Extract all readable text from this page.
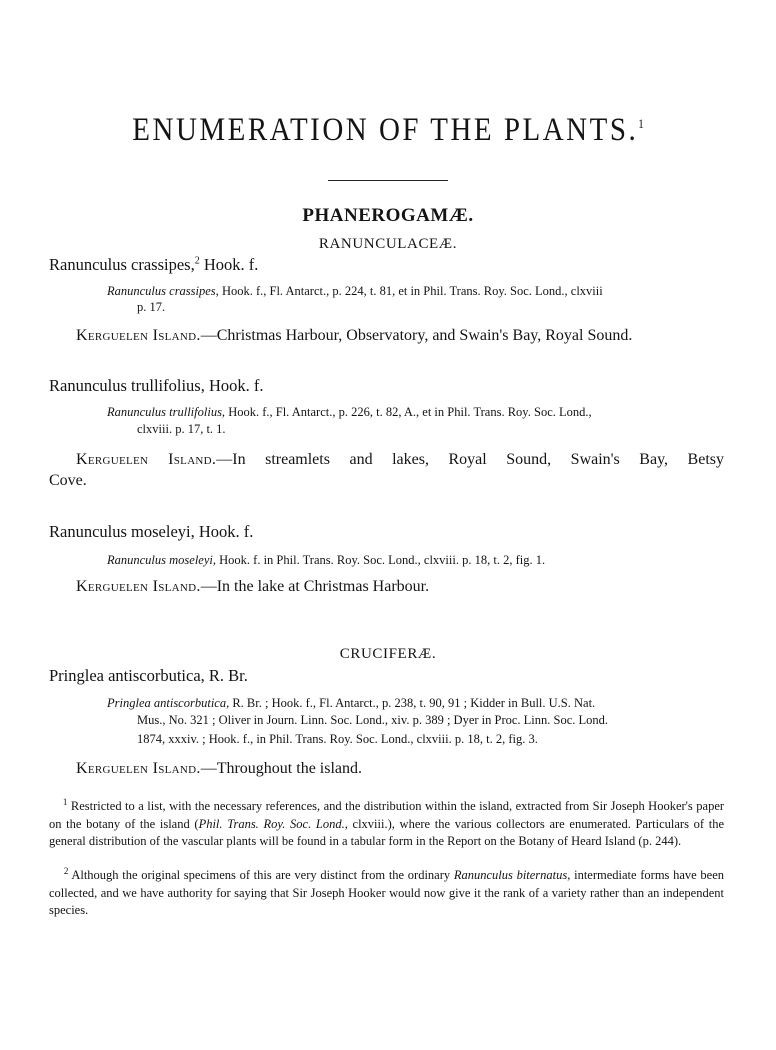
ENUMERATION OF THE PLANTS.$^1$
PHANEROGAMÆ.
RANUNCULACEÆ.
Ranunculus crassipes,$^2$ Hook. f.
Ranunculus crassipes, Hook. f., Fl. Antarct., p. 224, t. 81, et in Phil. Trans. Roy. Soc. Lond., clxviii
p. 17.
Kerguelen Island.—Christmas Harbour, Observatory, and Swain's Bay, Royal Sound.
Ranunculus trullifolius, Hook. f.
Ranunculus trullifolius, Hook. f., Fl. Antarct., p. 226, t. 82, A., et in Phil. Trans. Roy. Soc. Lond.,
clxviii. p. 17, t. 1.
Kerguelen Island.—In streamlets and lakes, Royal Sound, Swain's Bay, Betsy
Cove.
Ranunculus moseleyi, Hook. f.
Ranunculus moseleyi, Hook. f. in Phil. Trans. Roy. Soc. Lond., clxviii. p. 18, t. 2, fig. 1.
Kerguelen Island.—In the lake at Christmas Harbour.
CRUCIFERÆ.
Pringlea antiscorbutica, R. Br.
Pringlea antiscorbutica, R. Br. ; Hook. f., Fl. Antarct., p. 238, t. 90, 91 ; Kidder in Bull. U.S. Nat.
Mus., No. 321 ; Oliver in Journ. Linn. Soc. Lond., xiv. p. 389 ; Dyer in Proc. Linn. Soc. Lond.
1874, xxxiv. ; Hook. f., in Phil. Trans. Roy. Soc. Lond., clxviii. p. 18, t. 2, fig. 3.
Kerguelen Island.—Throughout the island.
$^1$ Restricted to a list, with the necessary references, and the distribution within the island, extracted from Sir Joseph Hooker's paper on the botany of the island (Phil. Trans. Roy. Soc. Lond., clxviii.), where the various collectors are enumerated. Particulars of the general distribution of the vascular plants will be found in a tabular form in the Report on the Botany of Heard Island (p. 244).
$^2$ Although the original specimens of this are very distinct from the ordinary Ranunculus biternatus, intermediate forms have been collected, and we have authority for saying that Sir Joseph Hooker would now give it the rank of a variety rather than an independent species.
